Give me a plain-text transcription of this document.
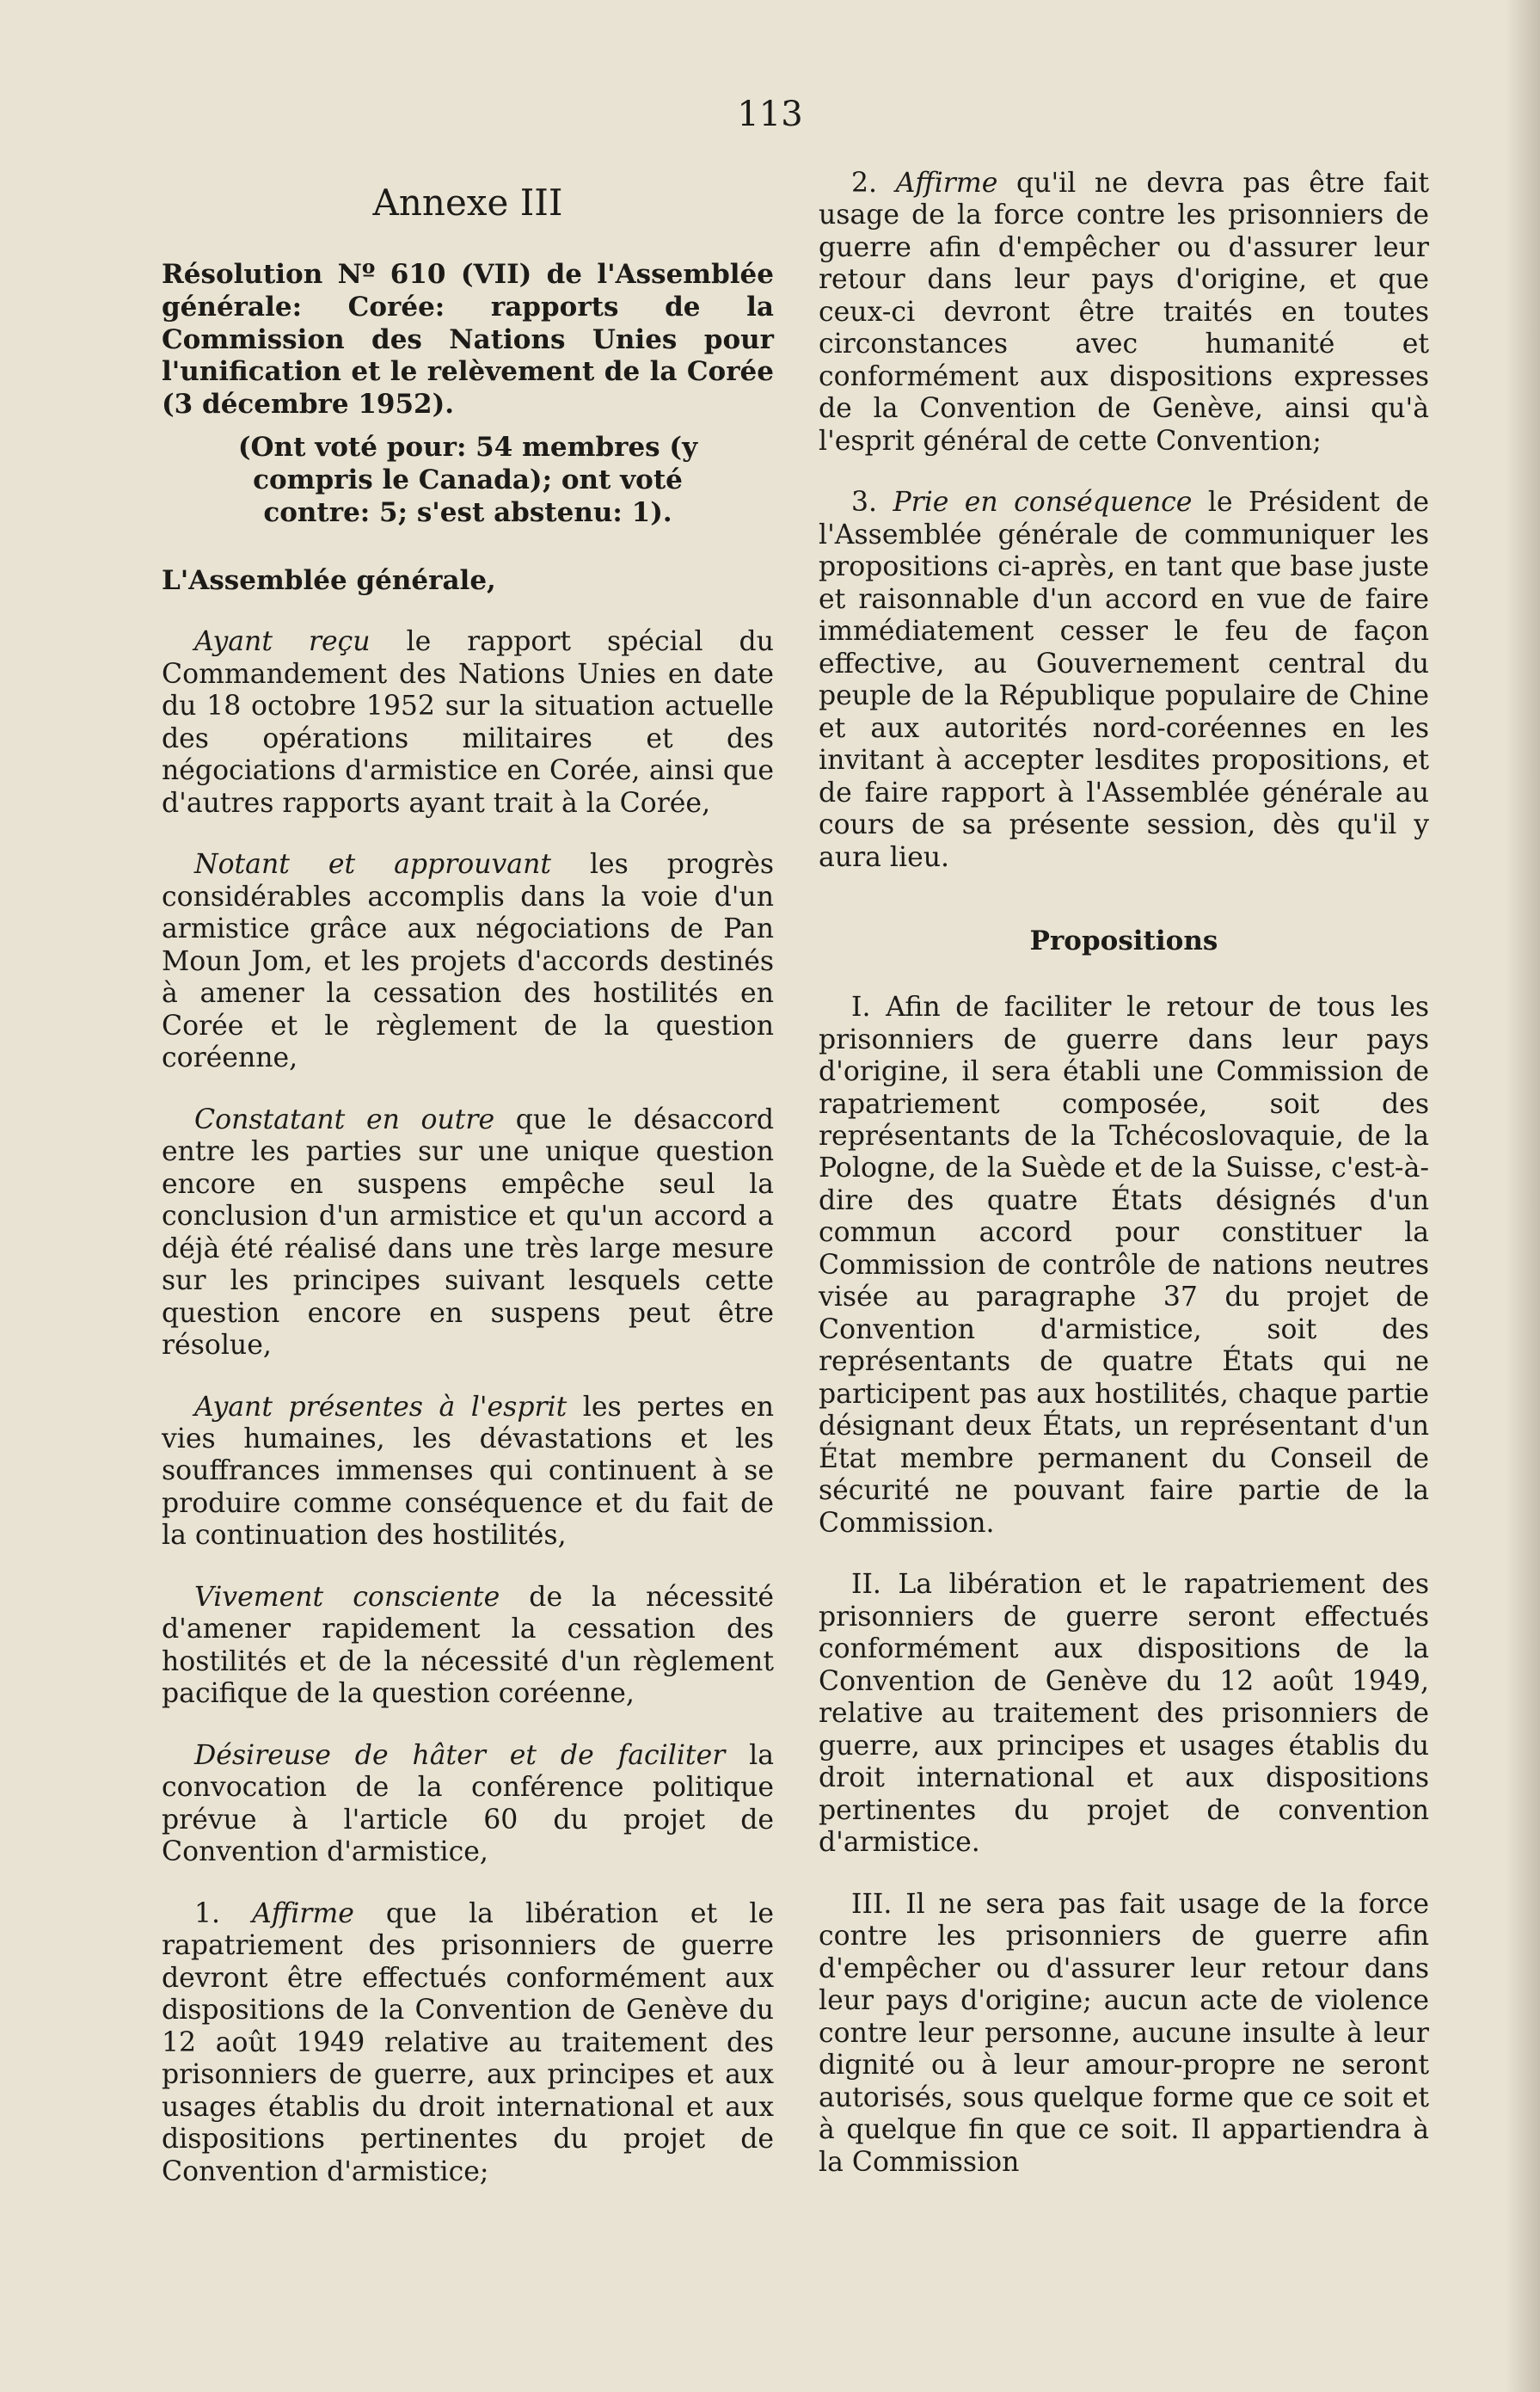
113
Annexe III
Résolution Nº 610 (VII) de l'Assemblée générale: Corée: rapports de la Commission des Nations Unies pour l'unification et le relèvement de la Corée (3 décembre 1952).
(Ont voté pour: 54 membres (y compris le Canada); ont voté contre: 5; s'est abstenu: 1).
L'Assemblée générale,

Ayant reçu le rapport spécial du Commandement des Nations Unies en date du 18 octobre 1952 sur la situation actuelle des opérations militaires et des négociations d'armistice en Corée, ainsi que d'autres rapports ayant trait à la Corée,

Notant et approuvant les progrès considérables accomplis dans la voie d'un armistice grâce aux négociations de Pan Moun Jom, et les projets d'accords destinés à amener la cessation des hostilités en Corée et le règlement de la question coréenne,

Constatant en outre que le désaccord entre les parties sur une unique question encore en suspens empêche seul la conclusion d'un armistice et qu'un accord a déjà été réalisé dans une très large mesure sur les principes suivant lesquels cette question encore en suspens peut être résolue,

Ayant présentes à l'esprit les pertes en vies humaines, les dévastations et les souffrances immenses qui continuent à se produire comme conséquence et du fait de la continuation des hostilités,

Vivement consciente de la nécessité d'amener rapidement la cessation des hostilités et de la nécessité d'un règlement pacifique de la question coréenne,

Désireuse de hâter et de faciliter la convocation de la conférence politique prévue à l'article 60 du projet de Convention d'armistice,

1. Affirme que la libération et le rapatriement des prisonniers de guerre devront être effectués conformément aux dispositions de la Convention de Genève du 12 août 1949 relative au traitement des prisonniers de guerre, aux principes et aux usages établis du droit international et aux dispositions pertinentes du projet de Convention d'armistice;

2. Affirme qu'il ne devra pas être fait usage de la force contre les prisonniers de guerre afin d'empêcher ou d'assurer leur retour dans leur pays d'origine, et que ceux-ci devront être traités en toutes circonstances avec humanité et conformément aux dispositions expresses de la Convention de Genève, ainsi qu'à l'esprit général de cette Convention;

3. Prie en conséquence le Président de l'Assemblée générale de communiquer les propositions ci-après, en tant que base juste et raisonnable d'un accord en vue de faire immédiatement cesser le feu de façon effective, au Gouvernement central du peuple de la République populaire de Chine et aux autorités nord-coréennes en les invitant à accepter lesdites propositions, et de faire rapport à l'Assemblée générale au cours de sa présente session, dès qu'il y aura lieu.

Propositions

I. Afin de faciliter le retour de tous les prisonniers de guerre dans leur pays d'origine, il sera établi une Commission de rapatriement composée, soit des représentants de la Tchécoslovaquie, de la Pologne, de la Suède et de la Suisse, c'est-à-dire des quatre États désignés d'un commun accord pour constituer la Commission de contrôle de nations neutres visée au paragraphe 37 du projet de Convention d'armistice, soit des représentants de quatre États qui ne participent pas aux hostilités, chaque partie désignant deux États, un représentant d'un État membre permanent du Conseil de sécurité ne pouvant faire partie de la Commission.

II. La libération et le rapatriement des prisonniers de guerre seront effectués conformément aux dispositions de la Convention de Genève du 12 août 1949, relative au traitement des prisonniers de guerre, aux principes et usages établis du droit international et aux dispositions pertinentes du projet de convention d'armistice.

III. Il ne sera pas fait usage de la force contre les prisonniers de guerre afin d'empêcher ou d'assurer leur retour dans leur pays d'origine; aucun acte de violence contre leur personne, aucune insulte à leur dignité ou à leur amour-propre ne seront autorisés, sous quelque forme que ce soit et à quelque fin que ce soit. Il appartiendra à la Commission
